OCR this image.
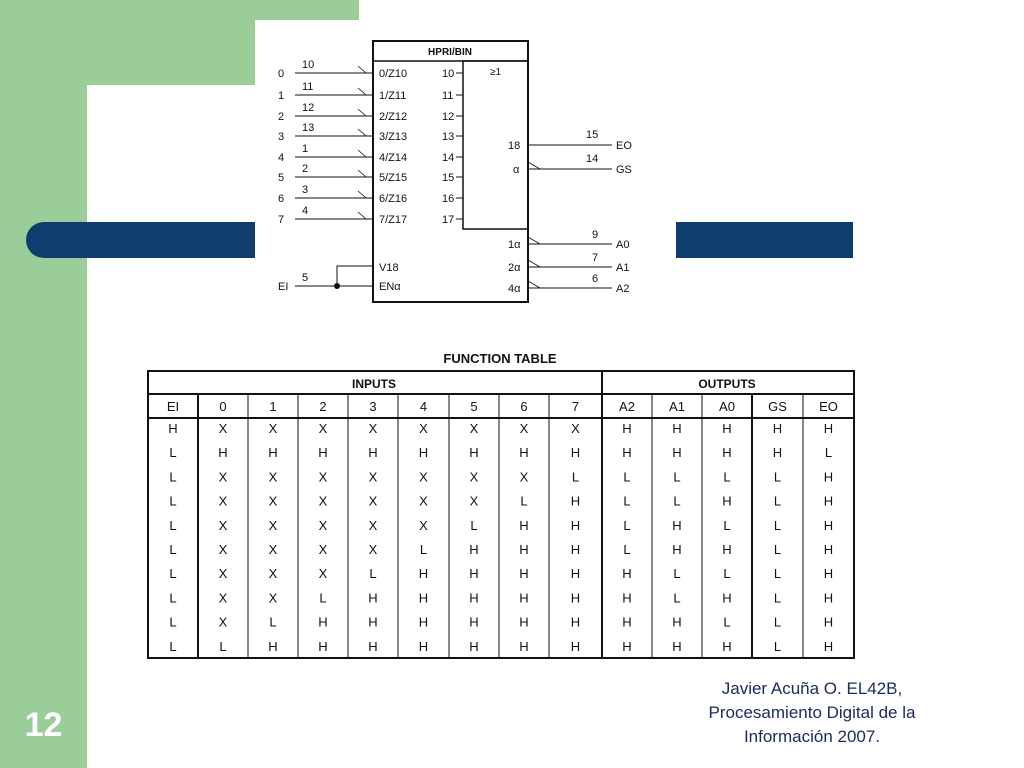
HPRI/BIN
≥1
0
10
0/Z10	10
1
11
1/Z11	11
2
12
2/Z12	12
3
13
3/Z13	13
4
1
4/Z14	14
5
2
5/Z15	15
6
3
6/Z16	16
7
4
7/Z17	17
18
15
EO
α
14
GS
1α
9
A0
2α
7
A1
4α
6
A2
EI
5
V18
ENα
FUNCTION TABLE
INPUTS	OUTPUTS
EI	0	1	2	3	4	5	6	7	A2	A1	A0	GS EO
H	X	X	X	X	X	X	X	X	H	H	H	H	H
L	H	H	H	H	H	H	H	H	H	H	H	H	L
L	X	X	X	X	X	X	X	L	L	L	L	L	H
L	X	X	X	X	X	X	L	H	L	L	H	L	H
L	X	X	X	X	X	L	H	H	L	H	L	L	H
L	X	X	X	X	L	H	H	H	L	H	H	L	H
L	X	X	X	L	H	H	H	H	H	L	L	L	H
L	X	X	L	H	H	H	H	H	H	L	H	L	H
L	X	L	H	H	H	H	H	H	H	H	L	L	H
L	L	H	H	H	H	H	H	H	H	H	H	L	H
12
Javier Acuña O. EL42B,
Procesamiento Digital de la
Información 2007.
